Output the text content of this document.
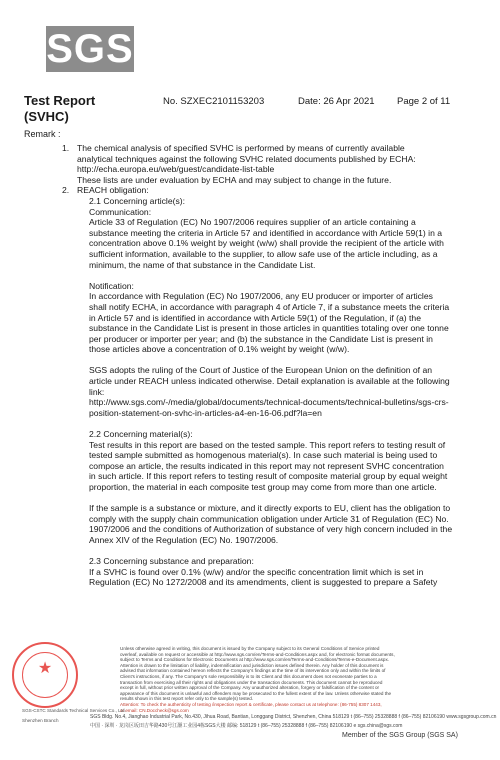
SGS
Test Report
(SVHC)
No. SZXEC2101153203	Date: 26 Apr 2021 Page 2 of 11
Remark :
1. The chemical analysis of specified SVHC is performed by means of currently available

analytical techniques against the following SVHC related documents published by ECHA:

http://echa.europa.eu/web/guest/candidate-list-table

These lists are under evaluation by ECHA and may subject to change in the future.

2. REACH obligation:

2.1 Concerning article(s):

Communication:

Article 33 of Regulation (EC) No 1907/2006 requires supplier of an article containing a

substance meeting the criteria in Article 57 and identified in accordance with Article 59(1) in a

concentration above 0.1% weight by weight (w/w) shall provide the recipient of the article with

sufficient information, available to the supplier, to allow safe use of the article including, as a

minimum, the name of that substance in the Candidate List.

Notification:

In accordance with Regulation (EC) No 1907/2006, any EU producer or importer of articles

shall notify ECHA, in accordance with paragraph 4 of Article 7, if a substance meets the criteria

in Article 57 and is identified in accordance with Article 59(1) of the Regulation, if (a) the

substance in the Candidate List is present in those articles in quantities totaling over one tonne

per producer or importer per year; and (b) the substance in the Candidate List is present in

those articles above a concentration of 0.1% weight by weight (w/w).

SGS adopts the ruling of the Court of Justice of the European Union on the definition of an

article under REACH unless indicated otherwise. Detail explanation is available at the following

link:

http://www.sgs.com/-/media/global/documents/technical-documents/technical-bulletins/sgs-crs-

position-statement-on-svhc-in-articles-a4-en-16-06.pdf?la=en

2.2 Concerning material(s):

Test results in this report are based on the tested sample. This report refers to testing result of

tested sample submitted as homogenous material(s). In case such material is being used to

compose an article, the results indicated in this report may not represent SVHC concentration

in such article. If this report refers to testing result of composite material group by equal weight

proportion, the material in each composite test group may come from more than one article.

If the sample is a substance or mixture, and it directly exports to EU, client has the obligation to

comply with the supply chain communication obligation under Article 31 of Regulation (EC) No.

1907/2006 and the conditions of Authorization of substance of very high concern included in the

Annex XIV of the Regulation (EC) No. 1907/2006.

2.3 Concerning substance and preparation:

If a SVHC is found over 0.1% (w/w) and/or the specific concentration limit which is set in

Regulation (EC) No 1272/2008 and its amendments, client is suggested to prepare a Safety

★
Unless otherwise agreed in writing, this document is issued by the Company subject to its General Conditions of Service printed
overleaf, available on request or accessible at http://www.sgs.com/en/Terms-and-Conditions.aspx and, for electronic format documents,
subject to Terms and Conditions for Electronic Documents at http://www.sgs.com/en/Terms-and-Conditions/Terms-e-Document.aspx.
Attention is drawn to the limitation of liability, indemnification and jurisdiction issues defined therein. Any holder of this document is
advised that information contained hereon reflects the Company's findings at the time of its intervention only and within the limits of
Client's instructions, if any. The Company's sole responsibility is to its Client and this document does not exonerate parties to a
transaction from exercising all their rights and obligations under the transaction documents. This document cannot be reproduced
except in full, without prior written approval of the Company. Any unauthorized alteration, forgery or falsification of the content or
appearance of this document is unlawful and offenders may be prosecuted to the fullest extent of the law. Unless otherwise stated the
results shown in this test report refer only to the sample(s) tested.
Attention: To check the authenticity of testing /inspection report & certificate, please contact us at telephone: (86-755) 8307 1443,
or email: CN.Doccheck@sgs.com
SGS Bldg. No.4, Jianghao Industrial Park, No.430, Jihua Road, Bantian, Longgang District, Shenzhen, China 518129 t (86–755) 25328888 f (86–755) 82106190 www.sgsgroup.com.cn
中国 · 深圳 · 龙岗区坂田吉华路430号江灏工业园4栋SGS大楼 邮编: 518129 t (86–755) 25328888 f (86–755) 82106190 e sgs.china@sgs.com
SGS-CSTC Standards Technical Services Co., Ltd.
Shenzhen Branch
Member of the SGS Group (SGS SA)
